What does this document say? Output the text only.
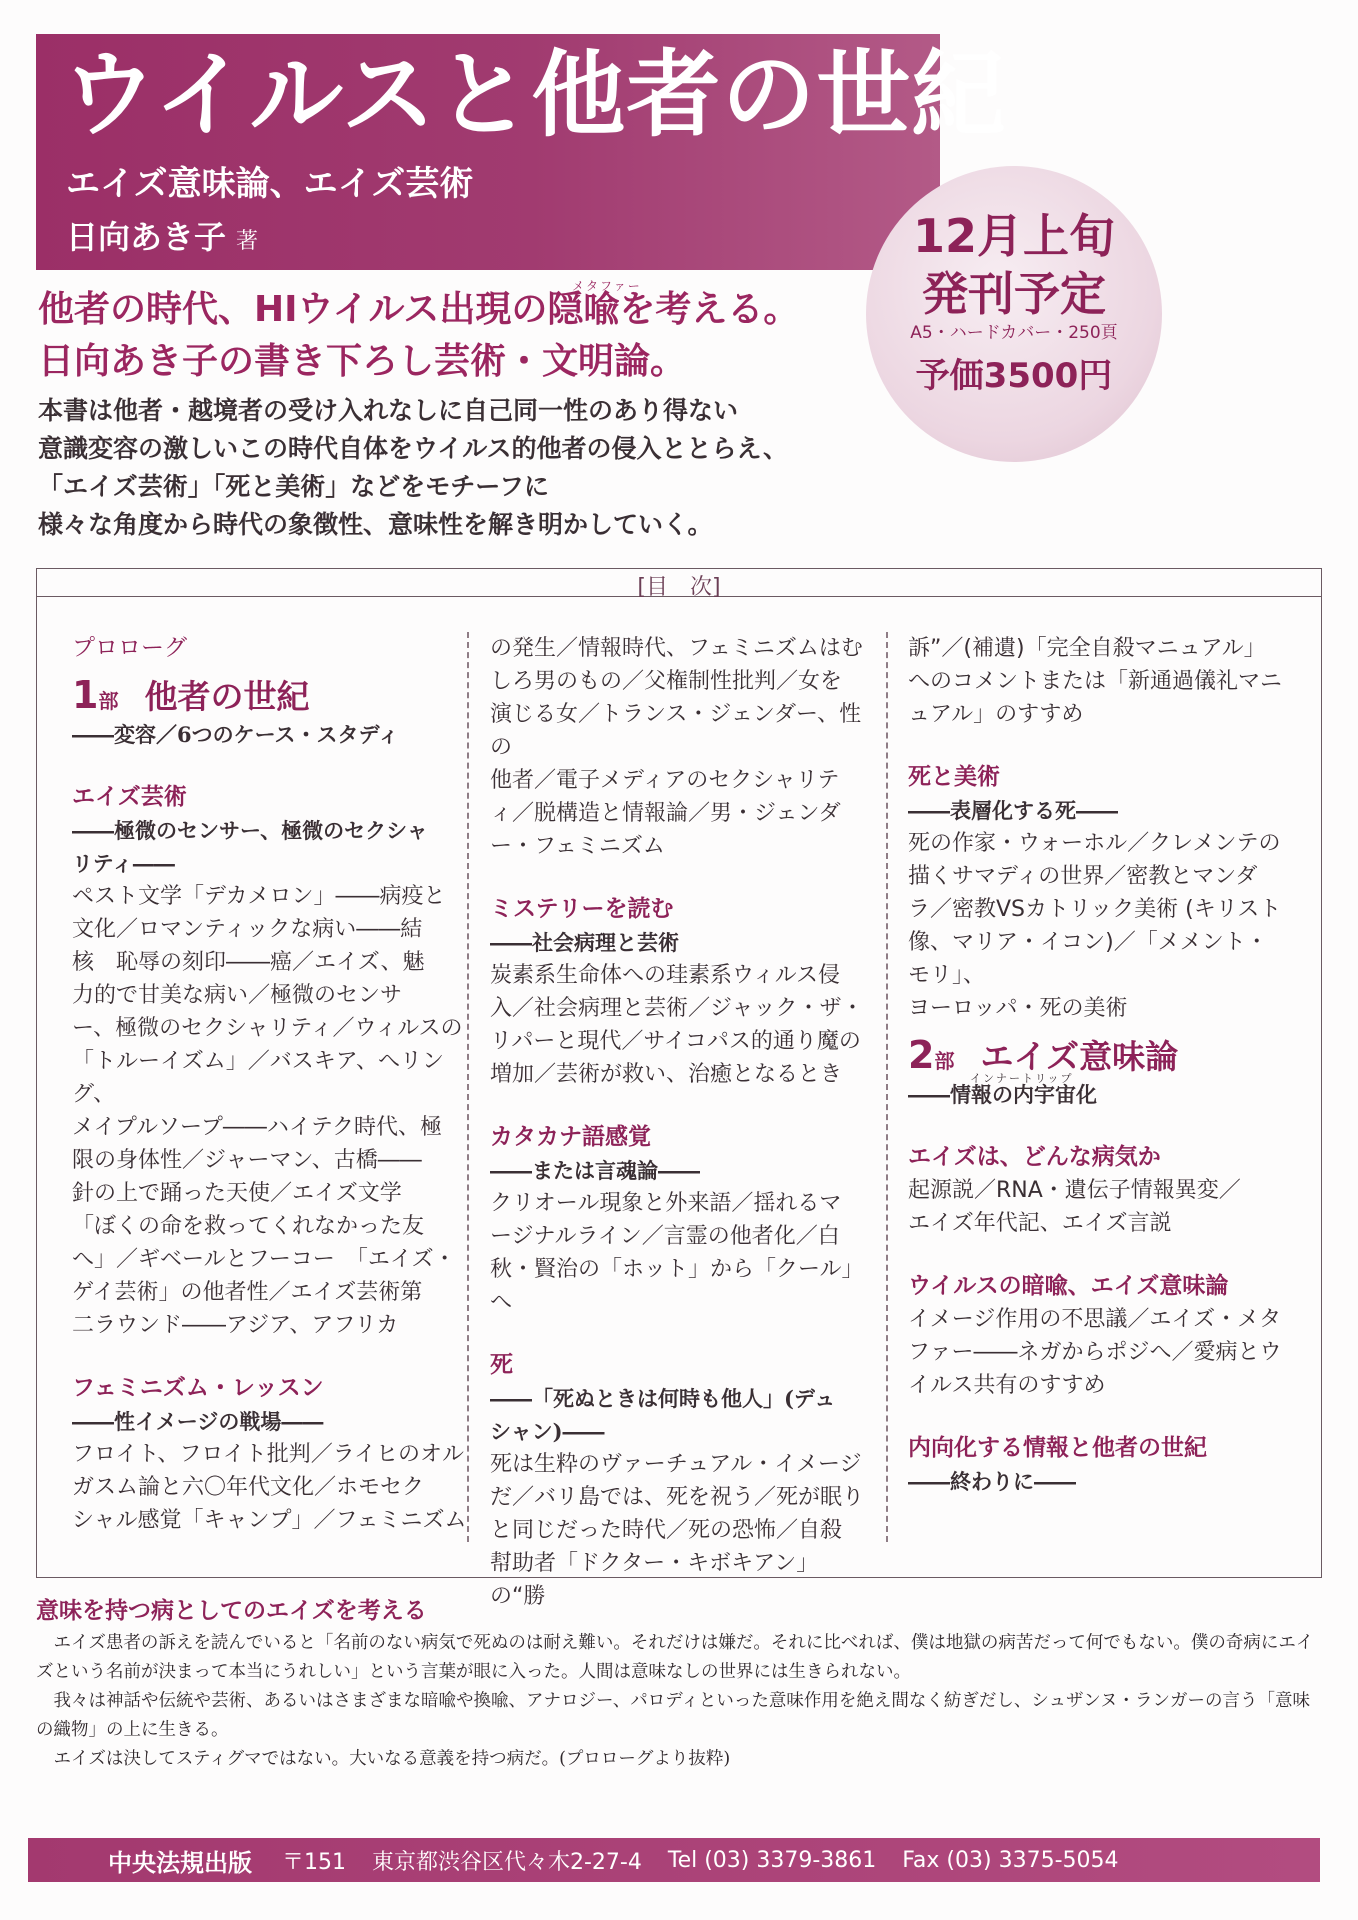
ウイルスと他者の世紀
エイズ意味論、エイズ芸術
日向あき子 著	12月上旬
発刊予定
A5・ハードカバー・250頁
予価3500円
メタファー
他者の時代、HIウイルス出現の隠喩を考える。
日向あき子の書き下ろし芸術・文明論。
本書は他者・越境者の受け入れなしに自己同一性のあり得ない
意識変容の激しいこの時代自体をウイルス的他者の侵入ととらえ、
「エイズ芸術」「死と美術」などをモチーフに
様々な角度から時代の象徴性、意味性を解き明かしていく。
[目　次]
プロローグ
1部 他者の世紀
――変容／6つのケース・スタディ
エイズ芸術
――極微のセンサー、極微のセクシャ
リティ――
ペスト文学「デカメロン」――病疫と
文化／ロマンティックな病い――結
核　恥辱の刻印――癌／エイズ、魅
力的で甘美な病い／極微のセンサ
ー、極微のセクシャリティ／ウィルスの
「トルーイズム」／バスキア、へリング、
メイプルソープ――ハイテク時代、極
限の身体性／ジャーマン、古橋――
針の上で踊った天使／エイズ文学
「ぼくの命を救ってくれなかった友
へ」／ギベールとフーコー　「エイズ・
ゲイ芸術」の他者性／エイズ芸術第
二ラウンド――アジア、アフリカ
フェミニズム・レッスン
――性イメージの戦場――
フロイト、フロイト批判／ライヒのオル
ガスム論と六〇年代文化／ホモセク
シャル感覚「キャンプ」／フェミニズム
の発生／情報時代、フェミニズムはむ
しろ男のもの／父権制性批判／女を
演じる女／トランス・ジェンダー、性の
他者／電子メディアのセクシャリテ
ィ／脱構造と情報論／男・ジェンダ
ー・フェミニズム
ミステリーを読む
――社会病理と芸術
炭素系生命体への珪素系ウィルス侵
入／社会病理と芸術／ジャック・ザ・
リパーと現代／サイコパス的通り魔の
増加／芸術が救い、治癒となるとき
カタカナ語感覚
――または言魂論――
クリオール現象と外来語／揺れるマ
ージナルライン／言霊の他者化／白
秋・賢治の「ホット」から「クール」へ
死
――「死ぬときは何時も他人」(デュ
シャン)――
死は生粋のヴァーチュアル・イメージ
だ／バリ島では、死を祝う／死が眠り
と同じだった時代／死の恐怖／自殺
幇助者「ドクター・キボキアン」の“勝
訴”／(補遺)「完全自殺マニュアル」
へのコメントまたは「新通過儀礼マニ
ュアル」のすすめ
死と美術
――表層化する死――
死の作家・ウォーホル／クレメンテの
描くサマディの世界／密教とマンダ
ラ／密教VSカトリック美術 (キリスト
像、マリア・イコン)／「メメント・モリ」、
ヨーロッパ・死の美術
2部 エイズ意味論
インナートリップ
――情報の内宇宙化
エイズは、どんな病気か
起源説／RNA・遺伝子情報異変／
エイズ年代記、エイズ言説
ウイルスの暗喩、エイズ意味論
イメージ作用の不思議／エイズ・メタ
ファー――ネガからポジへ／愛病とウ
イルス共有のすすめ
内向化する情報と他者の世紀
――終わりに――
意味を持つ病としてのエイズを考える

エイズ患者の訴えを読んでいると「名前のない病気で死ぬのは耐え難い。それだけは嫌だ。それに比べれば、僕は地獄の病苦だって何でもない。僕の奇病にエイズという名前が決まって本当にうれしい」という言葉が眼に入った。人間は意味なしの世界には生きられない。

我々は神話や伝統や芸術、あるいはさまざまな暗喩や換喩、アナロジー、パロディといった意味作用を絶え間なく紡ぎだし、シュザンヌ・ランガーの言う「意味の織物」の上に生きる。

エイズは決してスティグマではない。大いなる意義を持つ病だ。(プロローグより抜粋)

中央法規出版 〒151 東京都渋谷区代々木2-27-4 Tel (03) 3379-3861 Fax (03) 3375-5054
